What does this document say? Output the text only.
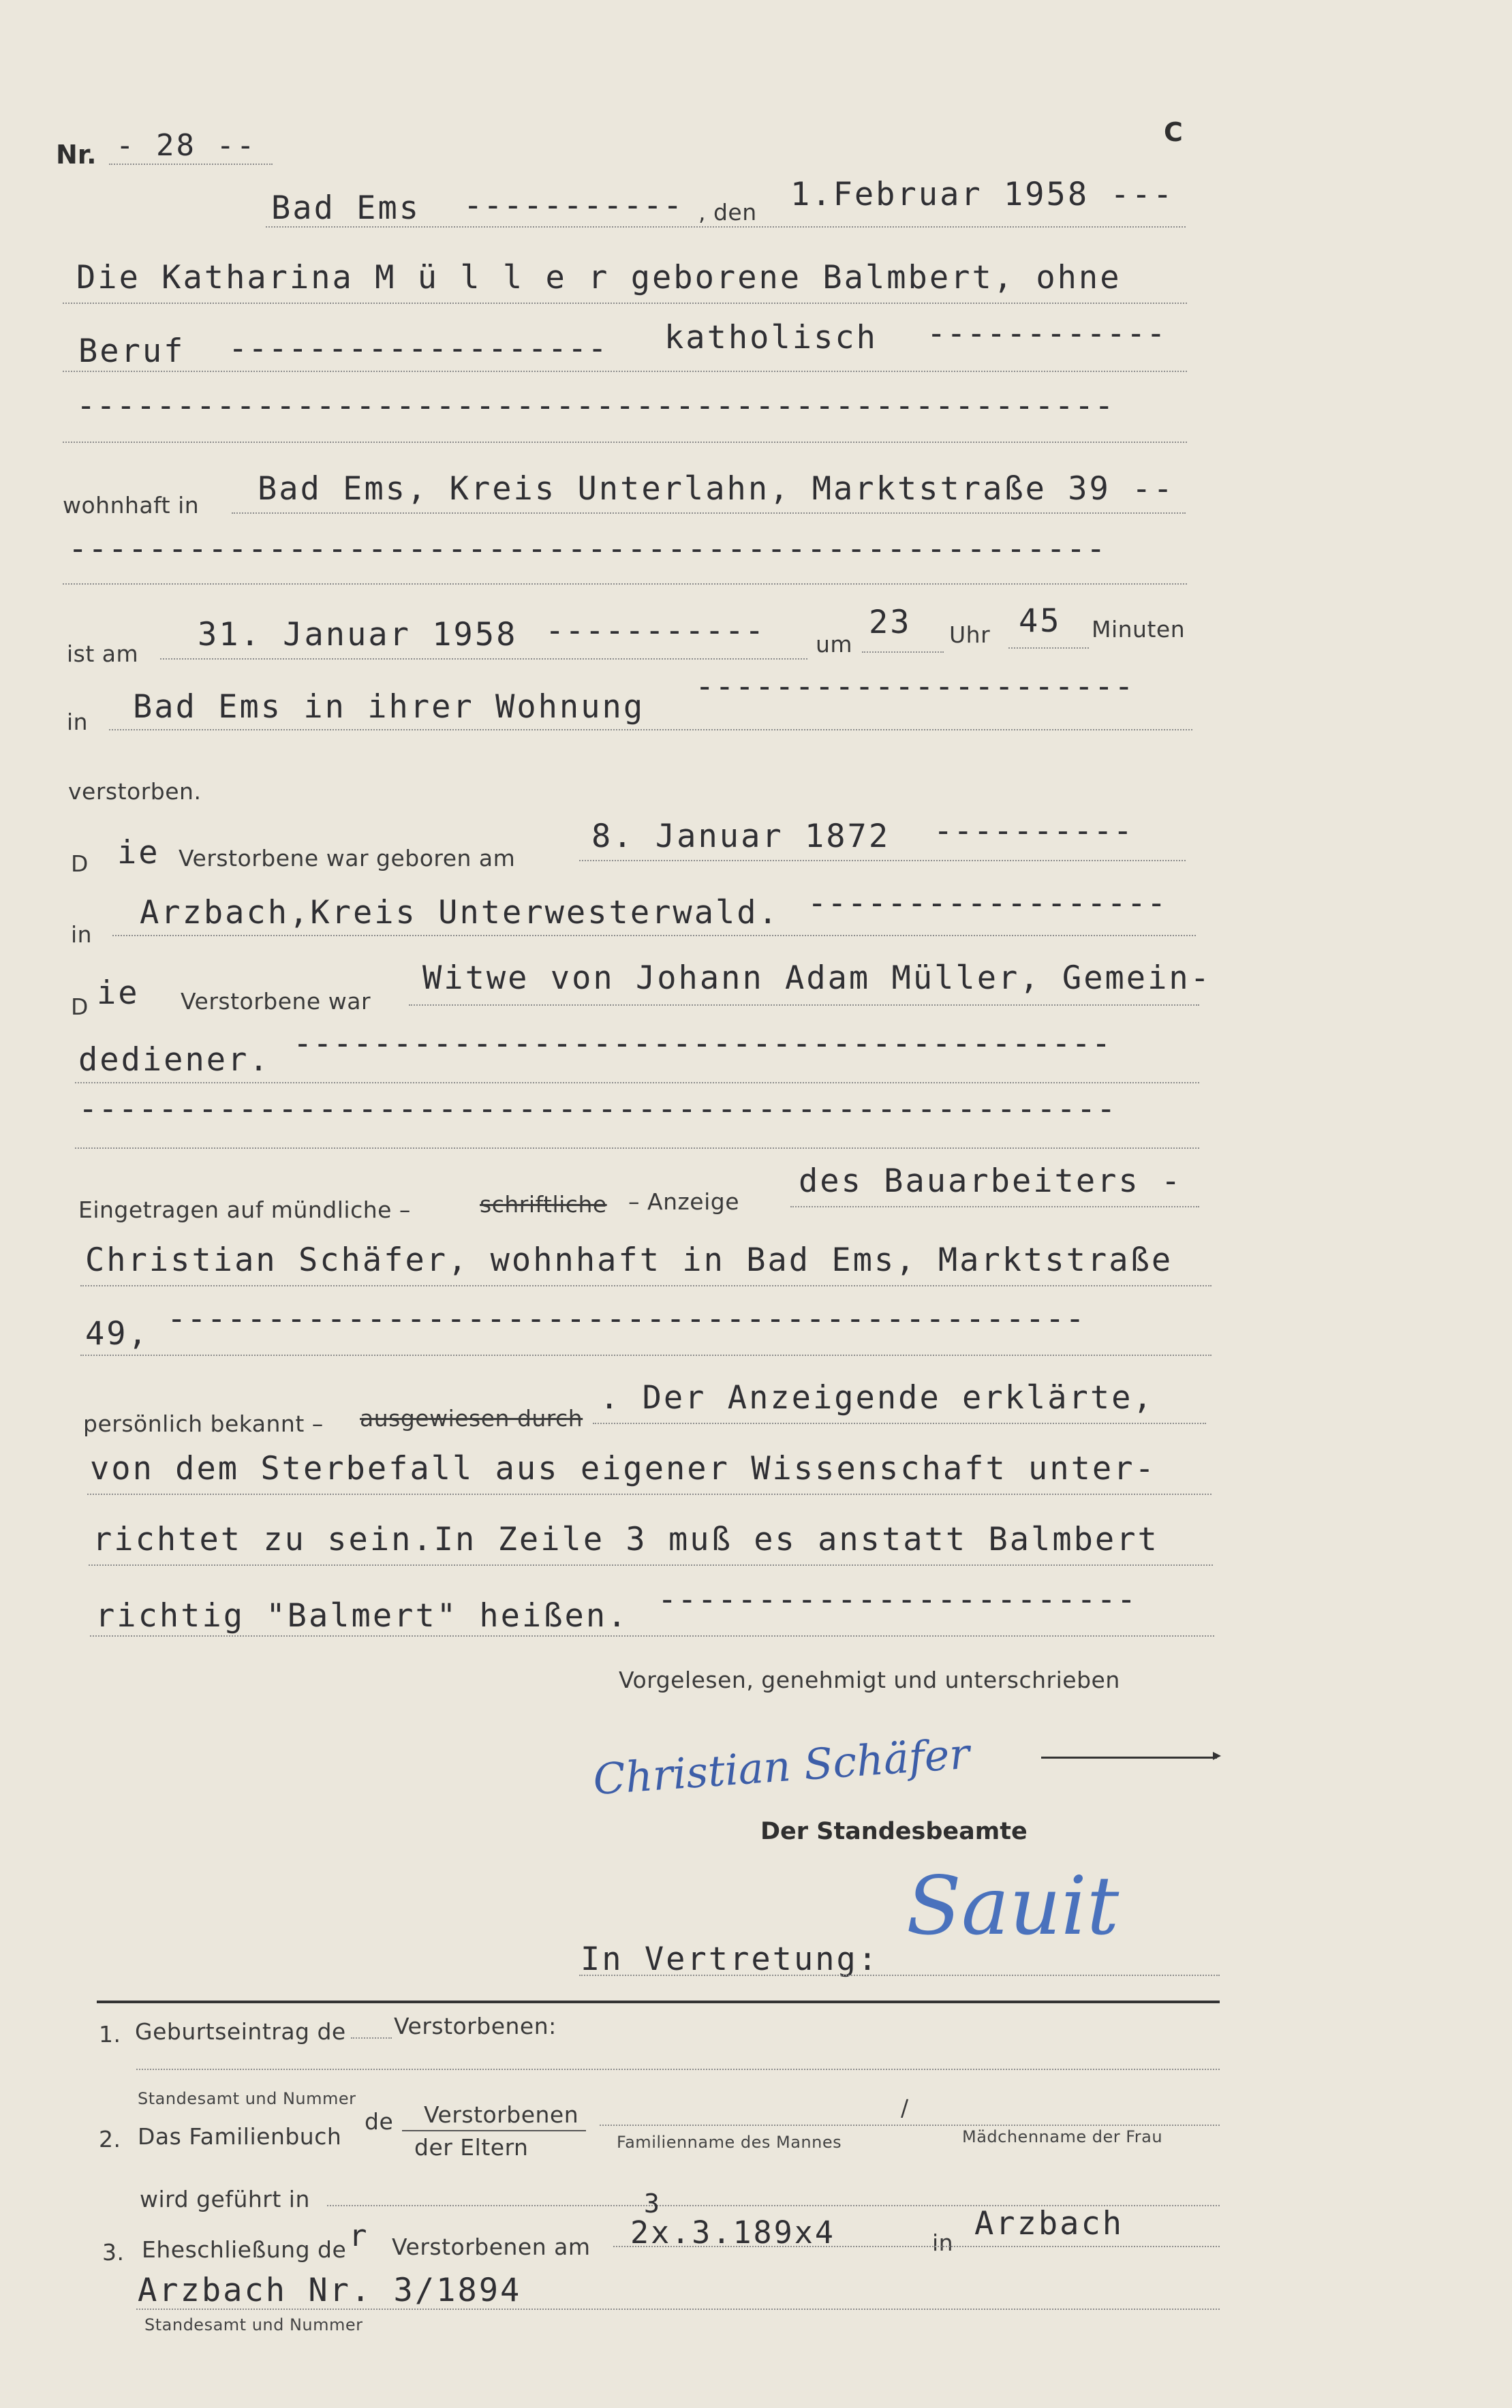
Nr. - 28 --	C
Bad Ems ----------- , den 1.Februar 1958 ---
Die Katharina M ü l l e r geborene Balmbert, ohne
Beruf ------------------- katholisch ------------
----------------------------------------------------
wohnhaft in Bad Ems, Kreis Unterlahn, Marktstraße 39 --
----------------------------------------------------
ist am
31. Januar 1958 ----------- um
23 Uhr 45 Minuten
in Bad Ems in ihrer Wohnung
----------------------
verstorben.
D ie Verstorbene war geboren am
8. Januar 1872 ----------
in
Arzbach,Kreis Unterwesterwald. ------------------
D ie Verstorbene war
Witwe von Johann Adam Müller, Gemein-
dediener. -----------------------------------------
----------------------------------------------------
Eingetragen auf mündliche –	schriftliche – Anzeige
des Bauarbeiters -
Christian Schäfer, wohnhaft in Bad Ems, Marktstraße
49, ----------------------------------------------
persönlich bekannt – ausgewiesen durch
. Der Anzeigende erklärte,
von dem Sterbefall aus eigener Wissenschaft unter-
richtet zu sein.In Zeile 3 muß es anstatt Balmbert
richtig "Balmert" heißen. ------------------------
Vorgelesen, genehmigt und unterschrieben
Christian Schäfer
Der Standesbeamte
In Vertretung:
Sauit
1. Geburtseintrag de Verstorbenen:
Standesamt und Nummer
2. Das Familienbuch
de Verstorbenen
der Eltern
/
Familienname des Mannes	Mädchenname der Frau
wird geführt in
3. Eheschließung de r Verstorbenen am 2x.3.189x4
3
in
Arzbach
Arzbach Nr. 3/1894
Standesamt und Nummer
